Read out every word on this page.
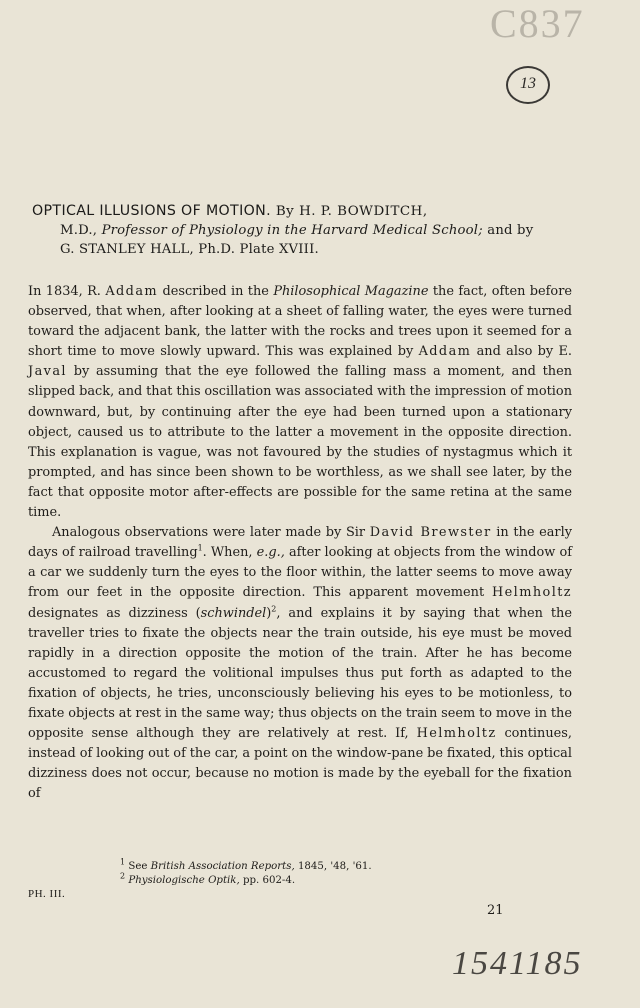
C837
13
OPTICAL ILLUSIONS OF MOTION. By H. P. BOWDITCH,
M.D., Professor of Physiology in the Harvard Medical School; and by
G. STANLEY HALL, Ph.D. Plate XVIII.

In 1834, R. Addam described in the Philosophical Magazine the fact, often before observed, that when, after looking at a sheet of falling water, the eyes were turned toward the adjacent bank, the latter with the rocks and trees upon it seemed for a short time to move slowly upward. This was explained by Addam and also by E. Javal by assuming that the eye followed the falling mass a moment, and then slipped back, and that this oscillation was associated with the impression of motion downward, but, by continuing after the eye had been turned upon a stationary object, caused us to attribute to the latter a movement in the opposite direction. This explanation is vague, was not favoured by the studies of nystagmus which it prompted, and has since been shown to be worthless, as we shall see later, by the fact that opposite motor after-effects are possible for the same retina at the same time.

Analogous observations were later made by Sir David Brewster in the early days of railroad travelling$^1$. When, e.g., after looking at objects from the window of a car we suddenly turn the eyes to the floor within, the latter seems to move away from our feet in the opposite direction. This apparent movement Helmholtz designates as dizziness (schwindel)$^2$, and explains it by saying that when the traveller tries to fixate the objects near the train outside, his eye must be moved rapidly in a direction opposite the motion of the train. After he has become accustomed to regard the volitional impulses thus put forth as adapted to the fixation of objects, he tries, unconsciously believing his eyes to be motionless, to fixate objects at rest in the same way; thus objects on the train seem to move in the opposite sense although they are relatively at rest. If, Helmholtz continues, instead of looking out of the car, a point on the window-pane be fixated, this optical dizziness does not occur, because no motion is made by the eyeball for the fixation of

$^1$ See British Association Reports, 1845, '48, '61.

$^2$ Physiologische Optik, pp. 602-4.

PH. III.
21
1541185
